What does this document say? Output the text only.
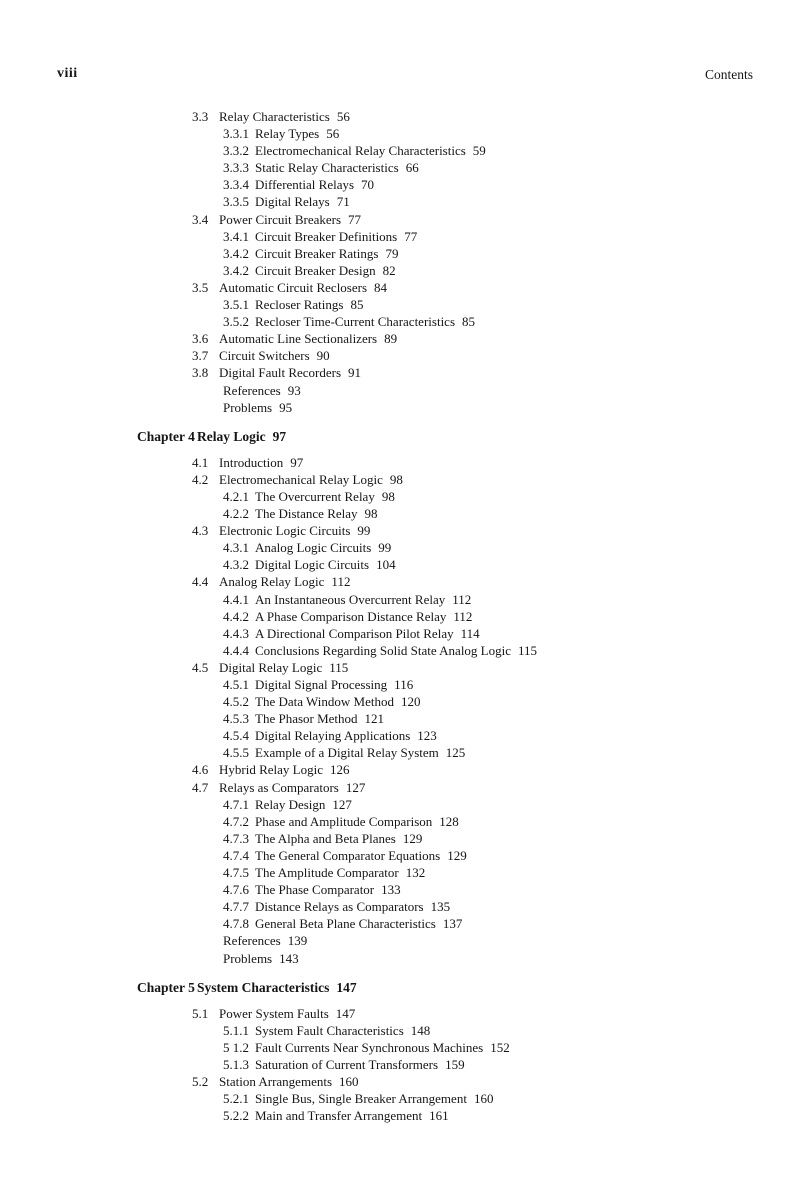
viii	Contents
3.3 Relay Characteristics 56
3.3.1 Relay Types 56
3.3.2 Electromechanical Relay Characteristics 59
3.3.3 Static Relay Characteristics 66
3.3.4 Differential Relays 70
3.3.5 Digital Relays 71
3.4 Power Circuit Breakers 77
3.4.1 Circuit Breaker Definitions 77
3.4.2 Circuit Breaker Ratings 79
3.4.2 Circuit Breaker Design 82
3.5 Automatic Circuit Reclosers 84
3.5.1 Recloser Ratings 85
3.5.2 Recloser Time-Current Characteristics 85
3.6 Automatic Line Sectionalizers 89
3.7 Circuit Switchers 90
3.8 Digital Fault Recorders 91
References 93
Problems 95
Chapter 4 Relay Logic 97
4.1 Introduction 97
4.2 Electromechanical Relay Logic 98
4.2.1 The Overcurrent Relay 98
4.2.2 The Distance Relay 98
4.3 Electronic Logic Circuits 99
4.3.1 Analog Logic Circuits 99
4.3.2 Digital Logic Circuits 104
4.4 Analog Relay Logic 112
4.4.1 An Instantaneous Overcurrent Relay 112
4.4.2 A Phase Comparison Distance Relay 112
4.4.3 A Directional Comparison Pilot Relay 114
4.4.4 Conclusions Regarding Solid State Analog Logic 115
4.5 Digital Relay Logic 115
4.5.1 Digital Signal Processing 116
4.5.2 The Data Window Method 120
4.5.3 The Phasor Method 121
4.5.4 Digital Relaying Applications 123
4.5.5 Example of a Digital Relay System 125
4.6 Hybrid Relay Logic 126
4.7 Relays as Comparators 127
4.7.1 Relay Design 127
4.7.2 Phase and Amplitude Comparison 128
4.7.3 The Alpha and Beta Planes 129
4.7.4 The General Comparator Equations 129
4.7.5 The Amplitude Comparator 132
4.7.6 The Phase Comparator 133
4.7.7 Distance Relays as Comparators 135
4.7.8 General Beta Plane Characteristics 137
References 139
Problems 143
Chapter 5 System Characteristics 147
5.1 Power System Faults 147
5.1.1 System Fault Characteristics 148
5 1.2 Fault Currents Near Synchronous Machines 152
5.1.3 Saturation of Current Transformers 159
5.2 Station Arrangements 160
5.2.1 Single Bus, Single Breaker Arrangement 160
5.2.2 Main and Transfer Arrangement 161
